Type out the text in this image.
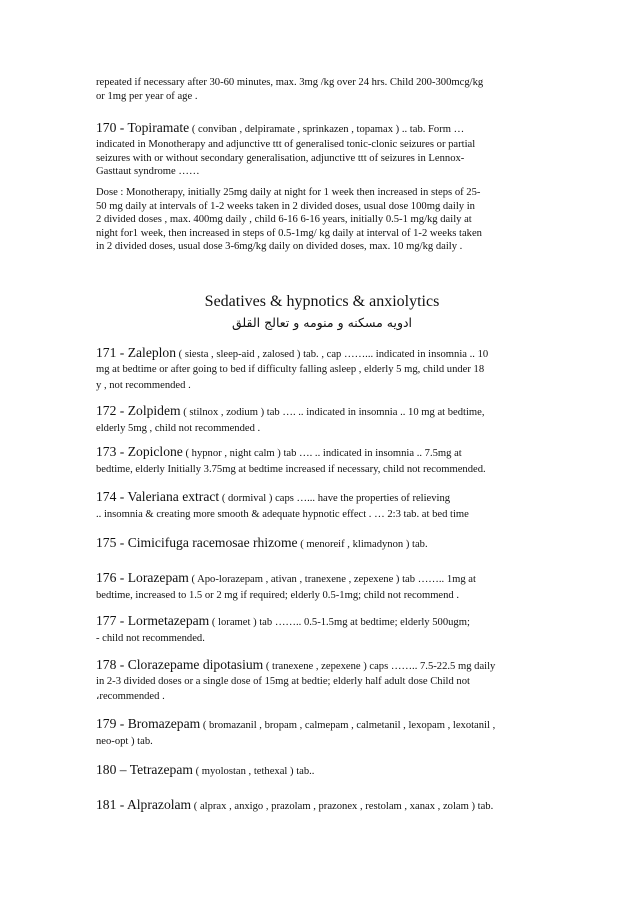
repeated if necessary after 30-60 minutes, max. 3mg /kg over 24 hrs. Child 200-300mcg/kg
or 1mg per year of age .
170 - Topiramate ( conviban , delpiramate , sprinkazen , topamax ) .. tab. Form …
indicated in Monotherapy and adjunctive ttt of generalised tonic-clonic seizures or partial
seizures with or without secondary generalisation, adjunctive ttt of seizures in Lennox-
Gasttaut syndrome ……
Dose : Monotherapy, initially 25mg daily at night for 1 week then increased in steps of 25-
50 mg daily at intervals of 1-2 weeks taken in 2 divided doses, usual dose 100mg daily in
2 divided doses , max. 400mg daily , child 6-16 6-16 years, initially 0.5-1 mg/kg daily at
night for1 week, then increased in steps of 0.5-1mg/ kg daily at interval of 1-2 weeks taken
in 2 divided doses, usual dose 3-6mg/kg daily on divided doses, max. 10 mg/kg daily .
Sedatives & hypnotics & anxiolytics
ادويه مسكنه و منومه و تعالج القلق
171 - Zaleplon ( siesta , sleep-aid , zalosed ) tab. , cap ……... indicated in insomnia .. 10
mg at bedtime or after going to bed if difficulty falling asleep , elderly 5 mg, child under 18
y , not recommended .
172 - Zolpidem ( stilnox , zodium ) tab …. .. indicated in insomnia .. 10 mg at bedtime,
elderly 5mg , child not recommended .
173 - Zopiclone ( hypnor , night calm ) tab …. .. indicated in insomnia .. 7.5mg at
bedtime, elderly Initially 3.75mg at bedtime increased if necessary, child not recommended.
174 - Valeriana extract ( dormival ) caps …... have the properties of relieving
.. insomnia & creating more smooth & adequate hypnotic effect . … 2:3 tab. at bed time
175 - Cimicifuga racemosae rhizome ( menoreif , klimadynon ) tab.
176 - Lorazepam ( Apo-lorazepam , ativan , tranexene , zepexene ) tab …….. 1mg at
bedtime, increased to 1.5 or 2 mg if required; elderly 0.5-1mg; child not recommend .
177 - Lormetazepam ( loramet ) tab …….. 0.5-1.5mg at bedtime; elderly 500ugm;
- child not recommended.
178 - Clorazepame dipotasium ( tranexene , zepexene ) caps …….. 7.5-22.5 mg daily
in 2-3 divided doses or a single dose of 15mg at bedtie; elderly half adult dose Child not
،recommended .
179 - Bromazepam ( bromazanil , bropam , calmepam , calmetanil , lexopam , lexotanil ,
neo-opt ) tab.
180 – Tetrazepam ( myolostan , tethexal ) tab..
181 - Alprazolam ( alprax , anxigo , prazolam , prazonex , restolam , xanax , zolam ) tab.
